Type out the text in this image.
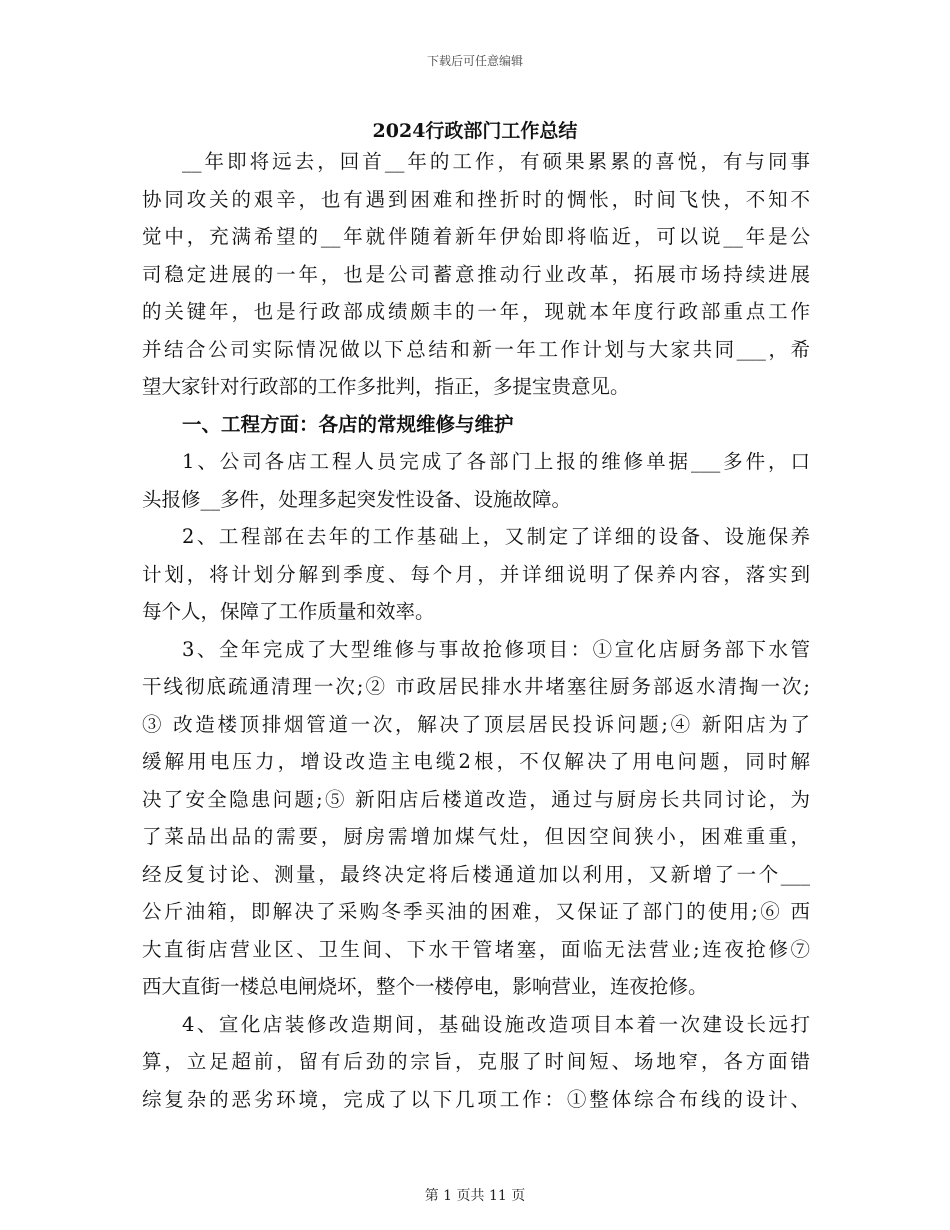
下载后可任意编辑
2024行政部门工作总结
__年即将远去，回首__年的工作，有硕果累累的喜悦，有与同事
协同攻关的艰辛，也有遇到困难和挫折时的惆怅，时间飞快，不知不
觉中，充满希望的__年就伴随着新年伊始即将临近，可以说__年是公
司稳定进展的一年，也是公司蓄意推动行业改革，拓展市场持续进展
的关键年，也是行政部成绩颇丰的一年，现就本年度行政部重点工作
并结合公司实际情况做以下总结和新一年工作计划与大家共同___，希
望大家针对行政部的工作多批判，指正，多提宝贵意见。
一、工程方面：各店的常规维修与维护
1、公司各店工程人员完成了各部门上报的维修单据___多件，口
头报修__多件，处理多起突发性设备、设施故障。
2、工程部在去年的工作基础上，又制定了详细的设备、设施保养
计划，将计划分解到季度、每个月，并详细说明了保养内容，落实到
每个人，保障了工作质量和效率。
3、全年完成了大型维修与事故抢修项目：①宣化店厨务部下水管
干线彻底疏通清理一次;② 市政居民排水井堵塞往厨务部返水清掏一次;
③ 改造楼顶排烟管道一次，解决了顶层居民投诉问题;④ 新阳店为了
缓解用电压力，增设改造主电缆2根，不仅解决了用电问题，同时解
决了安全隐患问题;⑤ 新阳店后楼道改造，通过与厨房长共同讨论，为
了菜品出品的需要，厨房需增加煤气灶，但因空间狭小，困难重重，
经反复讨论、测量，最终决定将后楼通道加以利用，又新增了一个___
公斤油箱，即解决了采购冬季买油的困难，又保证了部门的使用;⑥ 西
大直街店营业区、卫生间、下水干管堵塞，面临无法营业;连夜抢修⑦
西大直街一楼总电闸烧坏，整个一楼停电，影响营业，连夜抢修。
4、宣化店装修改造期间，基础设施改造项目本着一次建设长远打
算，立足超前，留有后劲的宗旨，克服了时间短、场地窄，各方面错
综复杂的恶劣环境，完成了以下几项工作：①整体综合布线的设计、
第 1 页共 11 页
